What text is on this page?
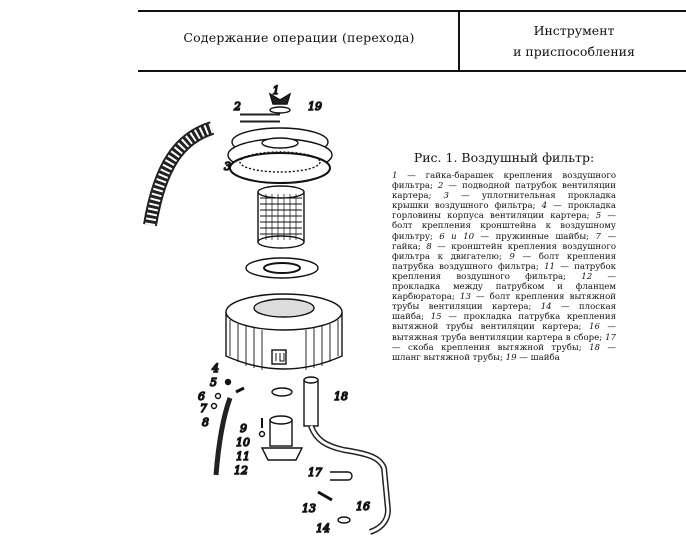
Содержание операции (перехода)	Инструмент
и приспособления
1
2	19
3
4
5
6
7
8	9
10
11
12
18
17
13	16
14
Рис. 1. Воздушный фильтр:
1 — гайка-барашек крепления воздушного фильтра; 2 — подводной патрубок вентиляции картера; 3 — уплотнительная прокладка крышки воздушного фильтра; 4 — прокладка горловины корпуса вентиляции картера; 5 — болт крепления кронштейна к воздушному фильтру; 6 и 10 — пружинные шайбы; 7 — гайка; 8 — кронштейн крепления воздушного фильтра к двигателю; 9 — болт крепления патрубка воздушного фильтра; 11 — патрубок крепления воздушного фильтра; 12 — прокладка между патрубком и фланцем карбюратора; 13 — болт крепления вытяжной трубы вентиляции картера; 14 — плоская шайба; 15 — прокладка патрубка крепления вытяжной трубы вентиляции картера; 16 — вытяжная труба вентиляции картера в сборе; 17 — скоба крепления вытяжной трубы; 18 — шланг вытяжной трубы; 19 — шайба
